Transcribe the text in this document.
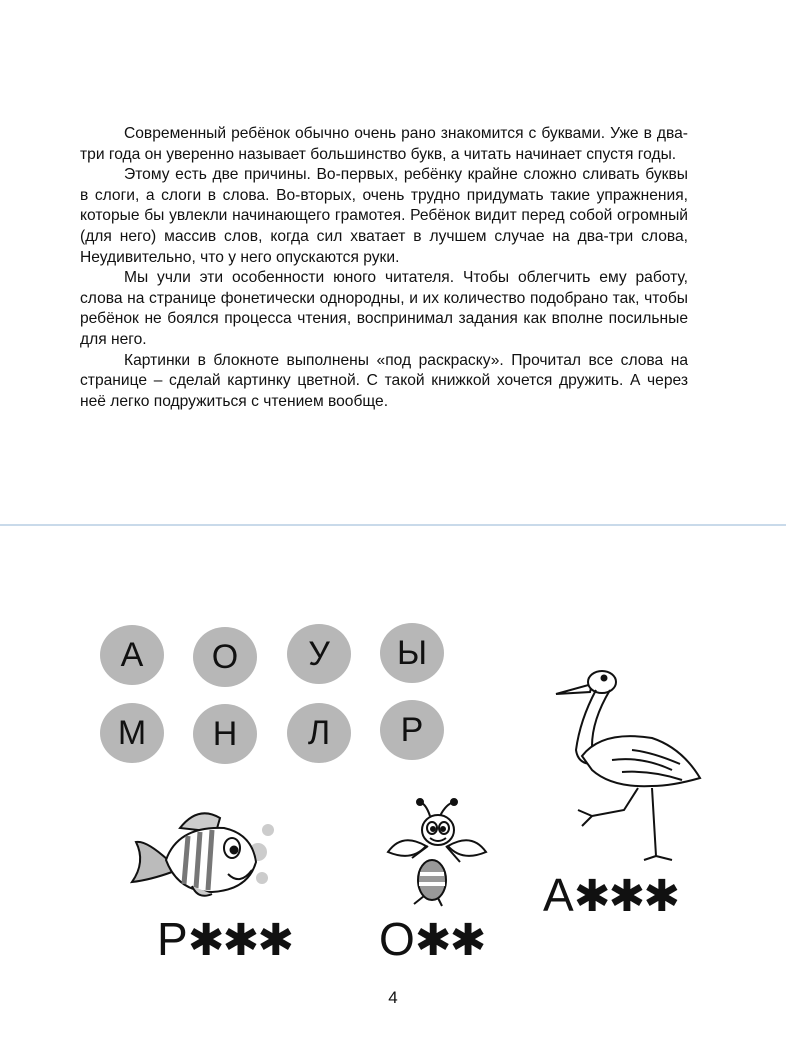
Современный ребёнок обычно очень рано знакомится с буквами. Уже в два-три года он уверенно называет большинство букв, а читать начинает спустя годы.

Этому есть две причины. Во-первых, ребёнку крайне сложно сливать буквы в слоги, а слоги в слова. Во-вторых, очень трудно придумать такие упражнения, которые бы увлекли начинающего грамотея. Ребёнок видит перед собой огромный (для него) массив слов, когда сил хватает в лучшем случае на два-три слова, Неудивительно, что у него опускаются руки.

Мы учли эти особенности юного читателя. Чтобы облегчить ему работу, слова на странице фонетически однородны, и их количество подобрано так, чтобы ребёнок не боялся процесса чтения, воспринимал задания как вполне посильные для него.

Картинки в блокноте выполнены «под раскраску». Прочитал все слова на странице – сделай картинку цветной. С такой книжкой хочется дружить. А через неё легко подружиться с чтением вообще.

А	О	У	Ы
М	Н	Л	Р
Р✱✱✱ О✱✱
А✱✱✱
4
